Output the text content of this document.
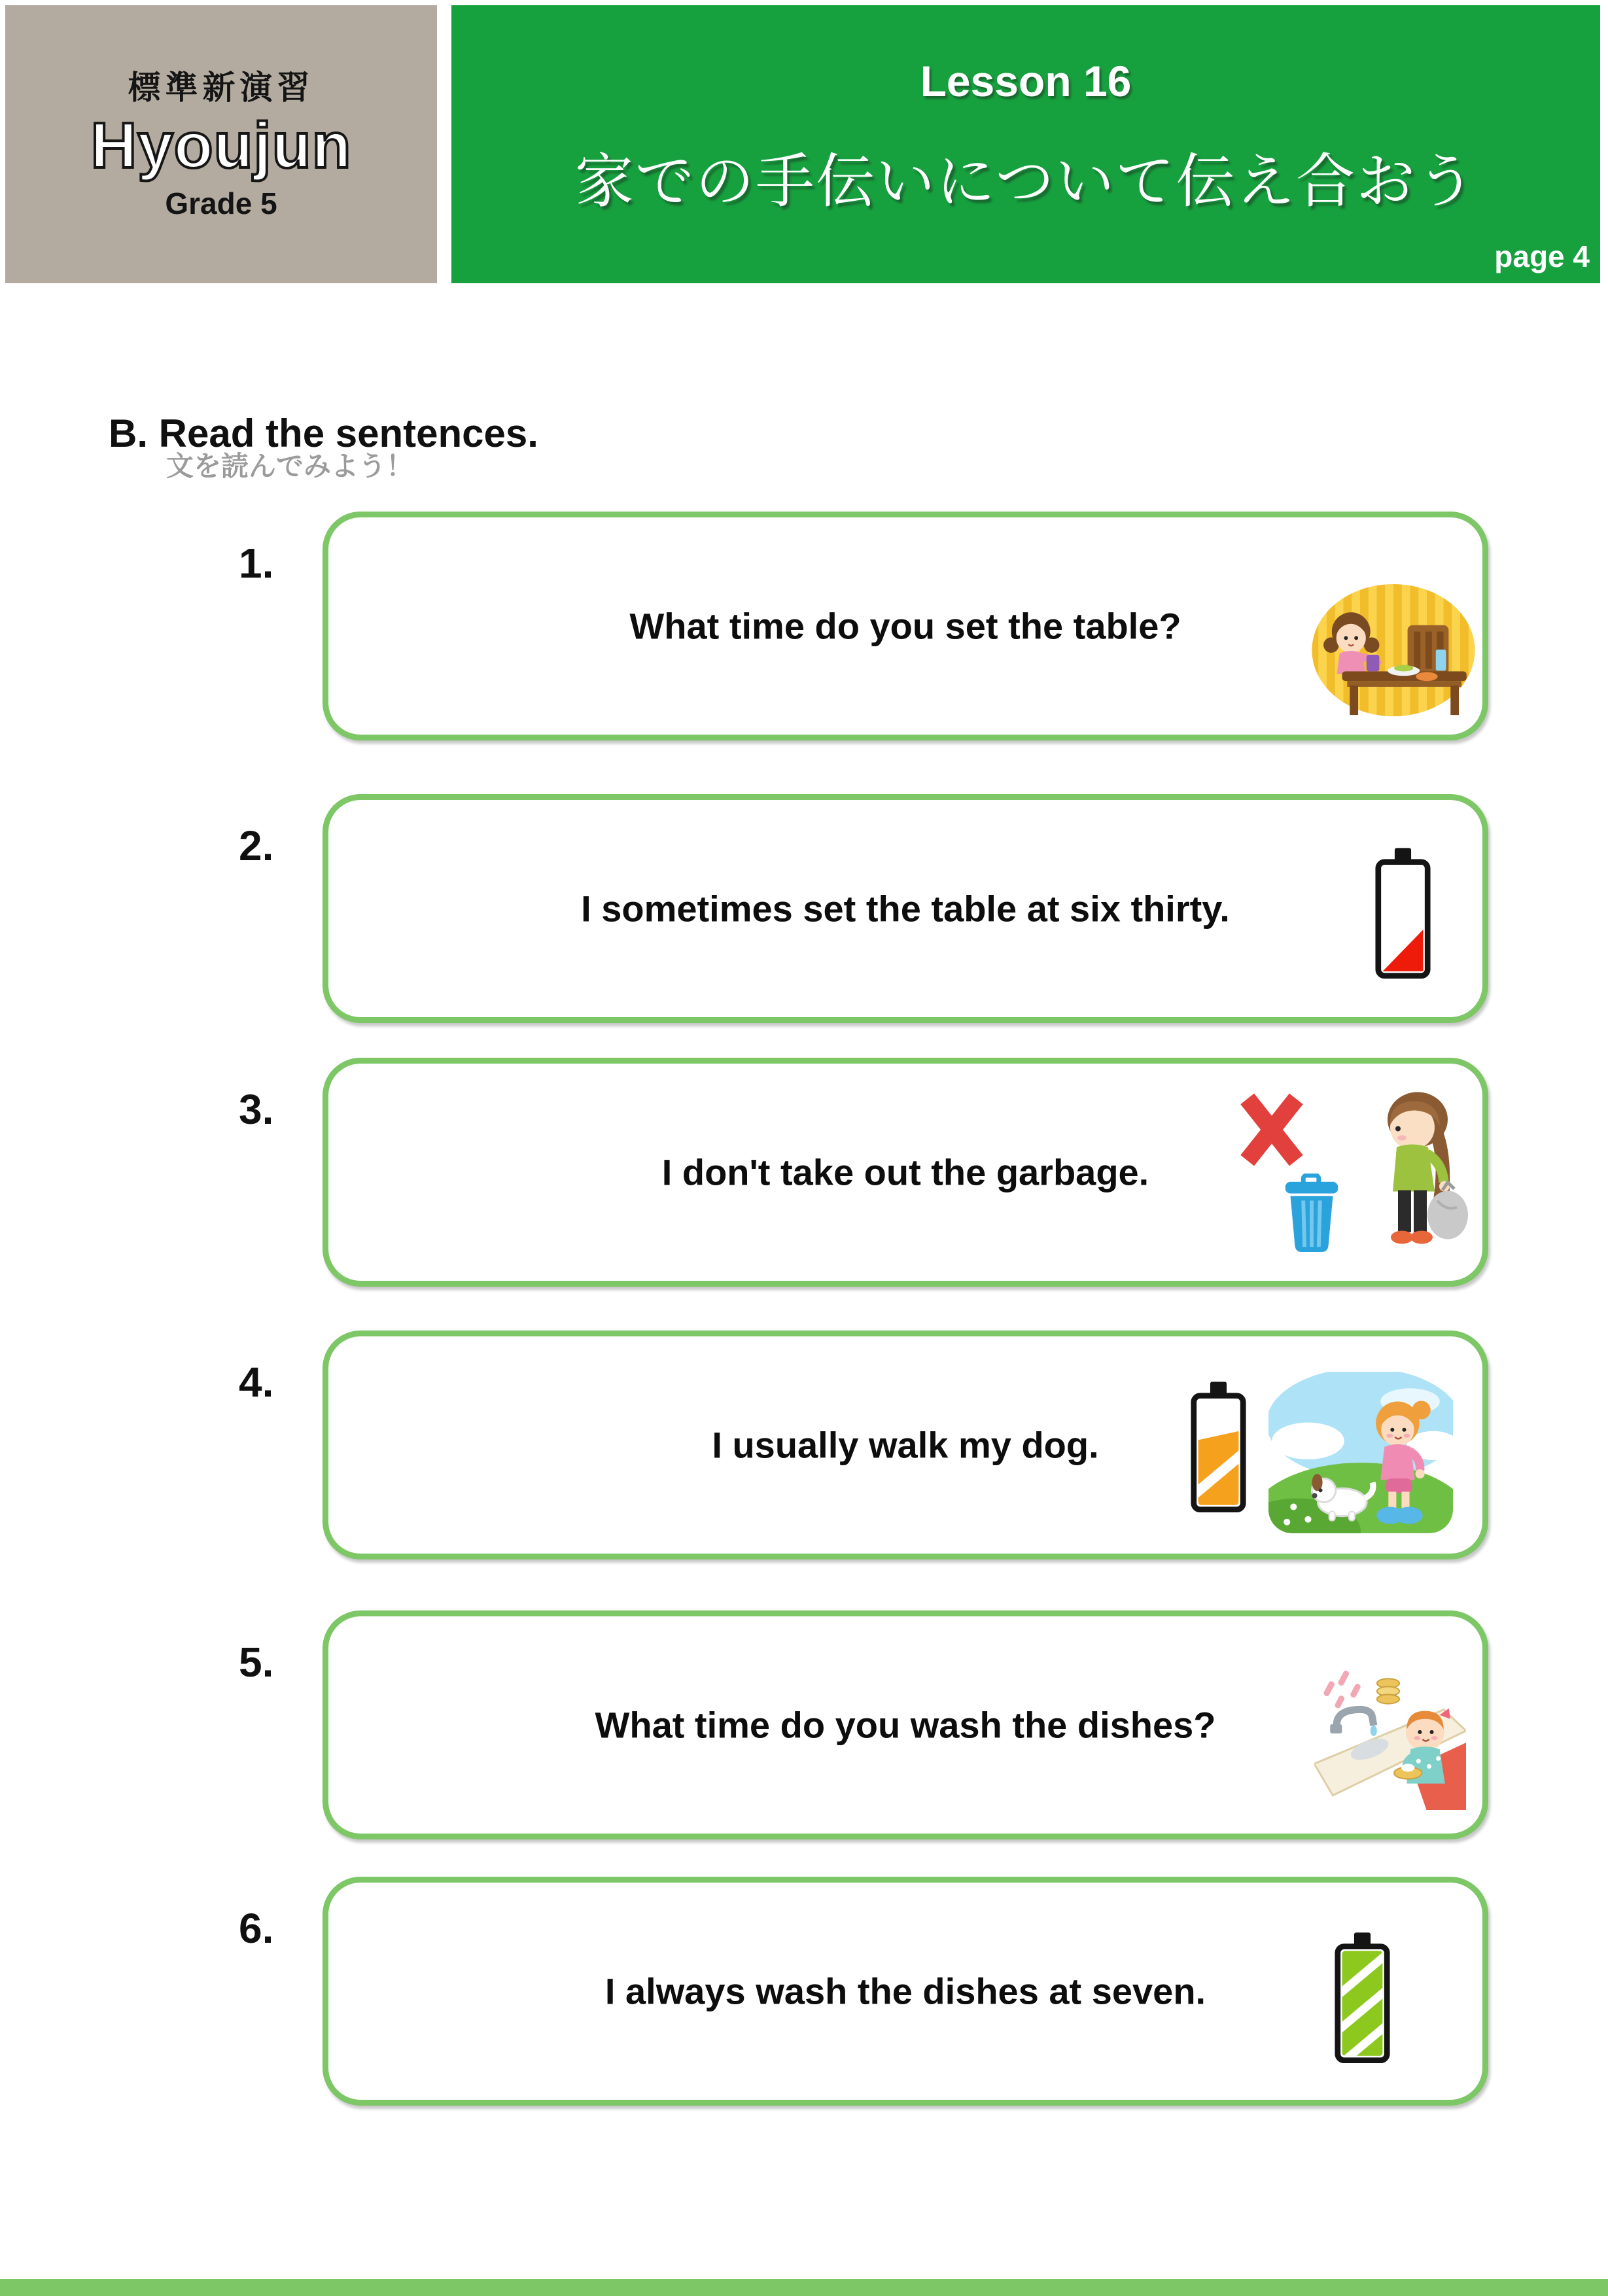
標準新演習
Hyoujun
Grade 5
Lesson 16
家での手伝いについて伝え合おう
page 4
B. Read the sentences.
文を読んでみよう！
1.

What time do you set the table?

2.

I sometimes set the table at six thirty.

3.

I don't take out the garbage.

4.

I usually walk my dog.

5.

What time do you wash the dishes?

6.

I always wash the dishes at seven.
